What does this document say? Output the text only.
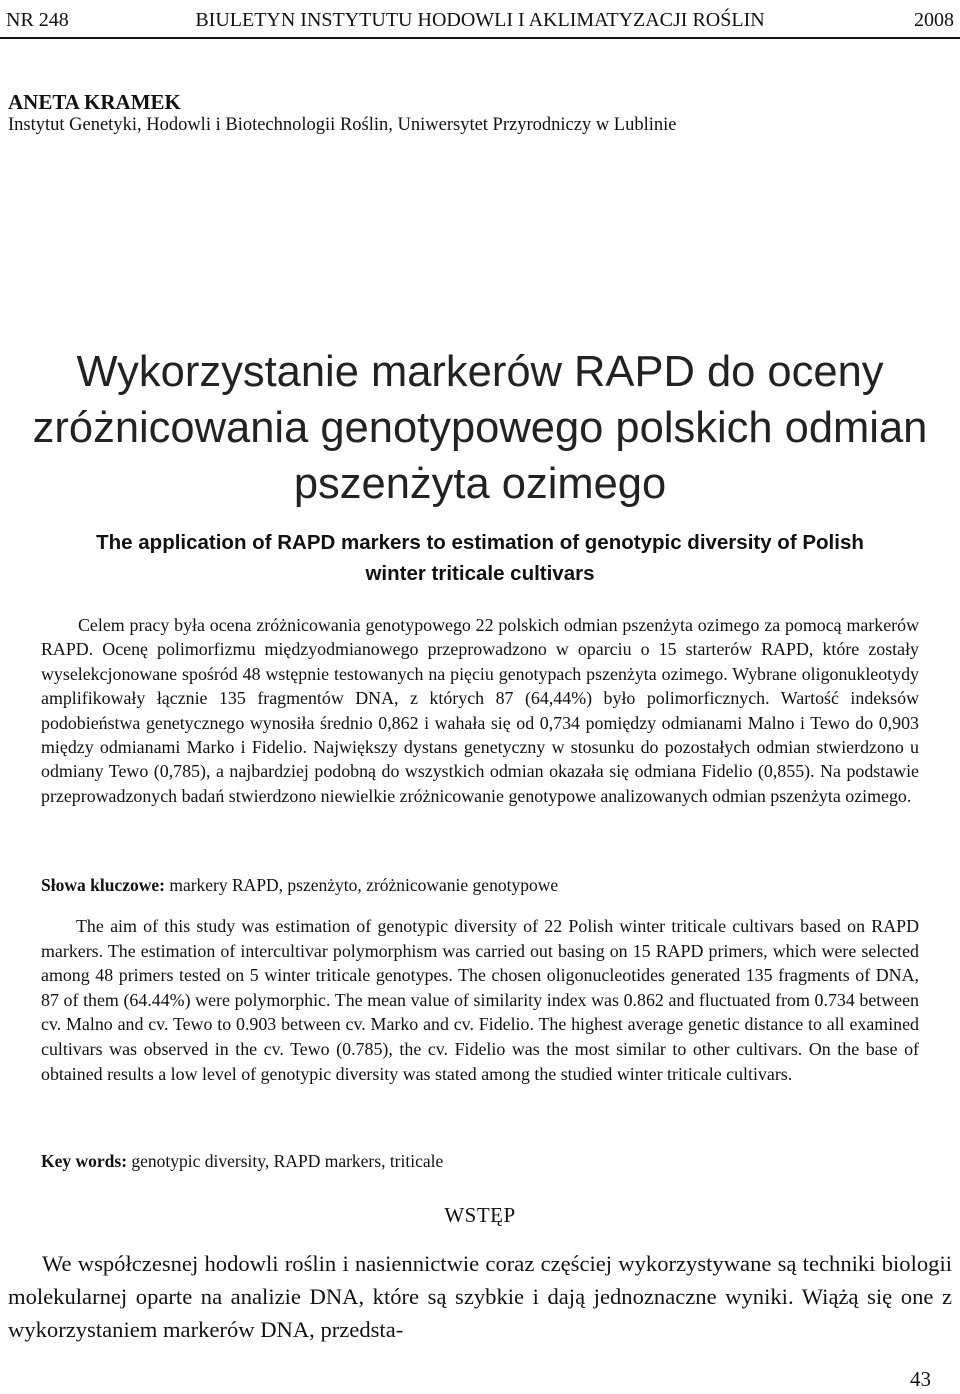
NR 248	BIULETYN INSTYTUTU HODOWLI I AKLIMATYZACJI ROŚLIN	2008
ANETA KRAMEK
Instytut Genetyki, Hodowli i Biotechnologii Roślin, Uniwersytet Przyrodniczy w Lublinie
Wykorzystanie markerów RAPD do oceny
zróżnicowania genotypowego polskich odmian
pszenżyta ozimego
The application of RAPD markers to estimation of genotypic diversity of Polish
winter triticale cultivars
Celem pracy była ocena zróżnicowania genotypowego 22 polskich odmian pszenżyta ozimego za pomocą markerów RAPD. Ocenę polimorfizmu międzyodmianowego przeprowadzono w oparciu o 15 starterów RAPD, które zostały wyselekcjonowane spośród 48 wstępnie testowanych na pięciu genotypach pszenżyta ozimego. Wybrane oligonukleotydy amplifikowały łącznie 135 fragmentów DNA, z których 87 (64,44%) było polimorficznych. Wartość indeksów podobieństwa genetycznego wynosiła średnio 0,862 i wahała się od 0,734 pomiędzy odmianami Malno i Tewo do 0,903 między odmianami Marko i Fidelio. Największy dystans genetyczny w stosunku do pozostałych odmian stwierdzono u odmiany Tewo (0,785), a najbardziej podobną do wszystkich odmian okazała się odmiana Fidelio (0,855). Na podstawie przeprowadzonych badań stwierdzono niewielkie zróżnicowanie genotypowe analizowanych odmian pszenżyta ozimego.
Słowa kluczowe: markery RAPD, pszenżyto, zróżnicowanie genotypowe
The aim of this study was estimation of genotypic diversity of 22 Polish winter triticale cultivars based on RAPD markers. The estimation of intercultivar polymorphism was carried out basing on 15 RAPD primers, which were selected among 48 primers tested on 5 winter triticale genotypes. The chosen oligonucleotides generated 135 fragments of DNA, 87 of them (64.44%) were polymorphic. The mean value of similarity index was 0.862 and fluctuated from 0.734 between cv. Malno and cv. Tewo to 0.903 between cv. Marko and cv. Fidelio. The highest average genetic distance to all examined cultivars was observed in the cv. Tewo (0.785), the cv. Fidelio was the most similar to other cultivars. On the base of obtained results a low level of genotypic diversity was stated among the studied winter triticale cultivars.
Key words: genotypic diversity, RAPD markers, triticale
WSTĘP
We współczesnej hodowli roślin i nasiennictwie coraz częściej wykorzystywane są techniki biologii molekularnej oparte na analizie DNA, które są szybkie i dają jednoznaczne wyniki. Wiążą się one z wykorzystaniem markerów DNA, przedsta-
43
